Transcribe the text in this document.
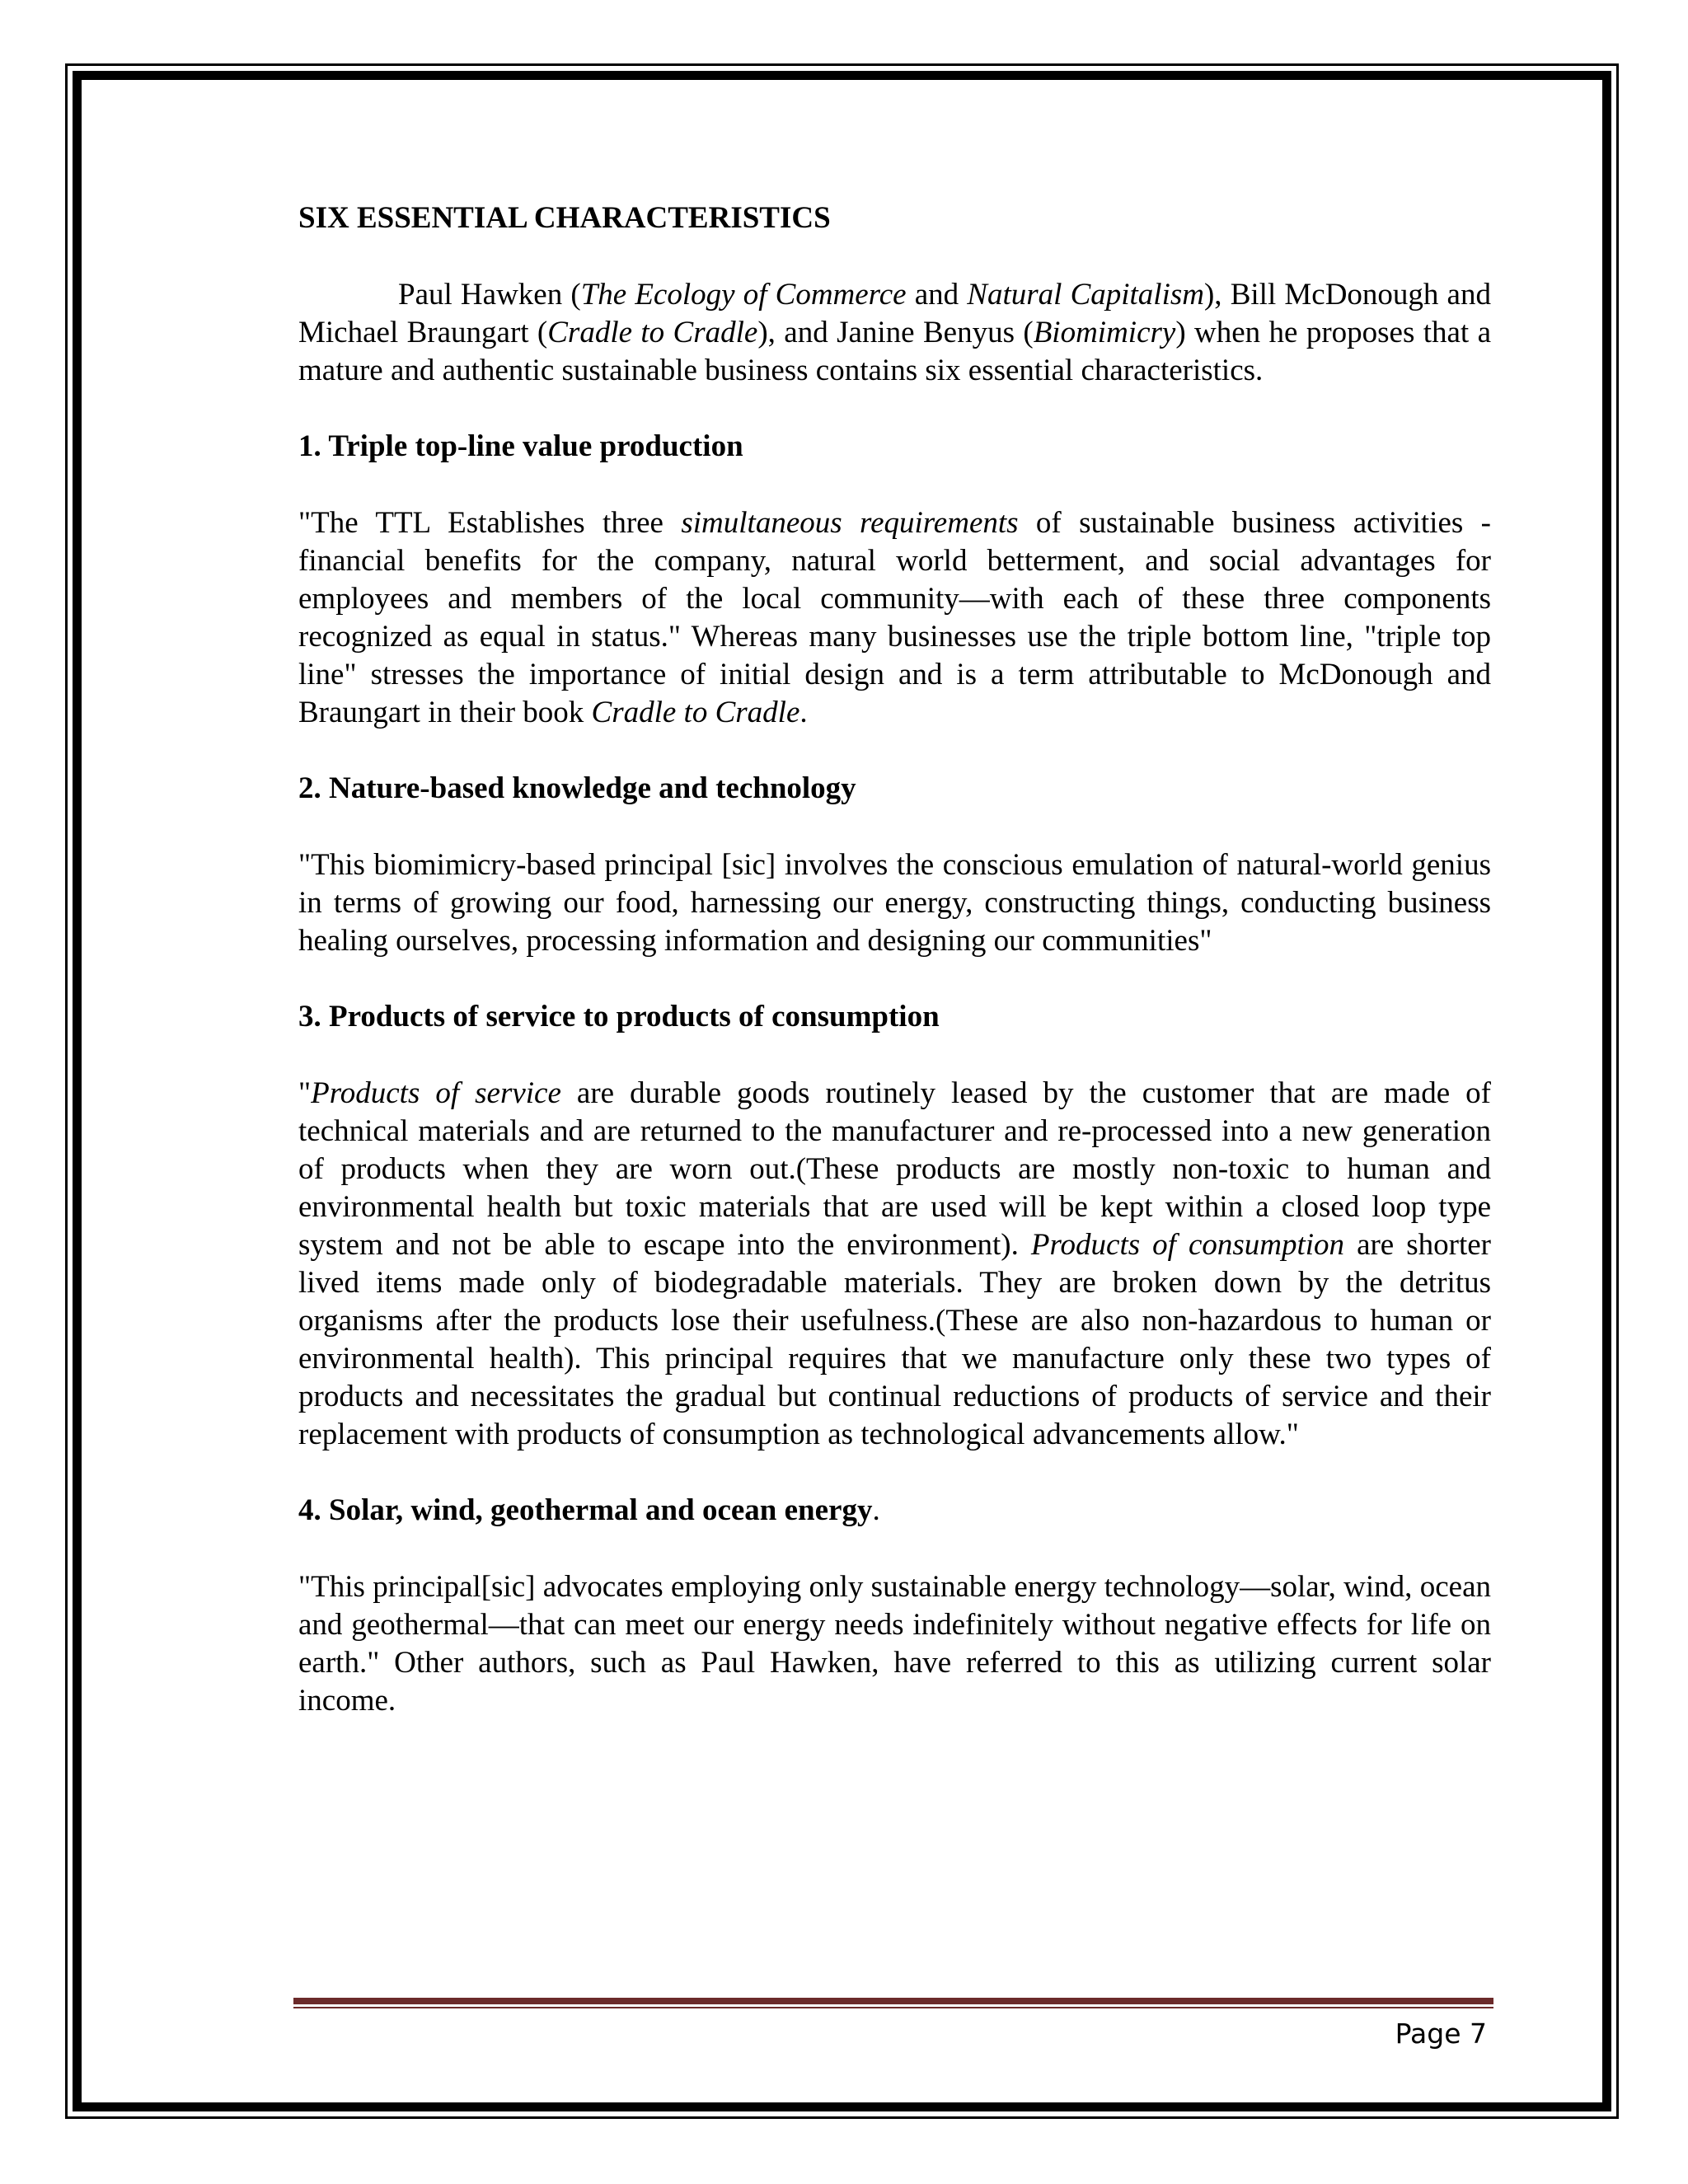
SIX ESSENTIAL CHARACTERISTICS

Paul Hawken (The Ecology of Commerce and Natural Capitalism), Bill McDonough and Michael Braungart (Cradle to Cradle), and Janine Benyus (Biomimicry) when he proposes that a mature and authentic sustainable business contains six essential characteristics.

1. Triple top-line value production

"The TTL Establishes three simultaneous requirements of sustainable business activities - financial benefits for the company, natural world betterment, and social advantages for employees and members of the local community—with each of these three components recognized as equal in status." Whereas many businesses use the triple bottom line, "triple top line" stresses the importance of initial design and is a term attributable to McDonough and Braungart in their book Cradle to Cradle.

2. Nature-based knowledge and technology

"This biomimicry-based principal [sic] involves the conscious emulation of natural-world genius in terms of growing our food, harnessing our energy, constructing things, conducting business healing ourselves, processing information and designing our communities"

3. Products of service to products of consumption

"Products of service are durable goods routinely leased by the customer that are made of technical materials and are returned to the manufacturer and re-processed into a new generation of products when they are worn out.(These products are mostly non-toxic to human and environmental health but toxic materials that are used will be kept within a closed loop type system and not be able to escape into the environment). Products of consumption are shorter lived items made only of biodegradable materials. They are broken down by the detritus organisms after the products lose their usefulness.(These are also non-hazardous to human or environmental health). This principal requires that we manufacture only these two types of products and necessitates the gradual but continual reductions of products of service and their replacement with products of consumption as technological advancements allow."

4. Solar, wind, geothermal and ocean energy.

"This principal[sic] advocates employing only sustainable energy technology—solar, wind, ocean and geothermal—that can meet our energy needs indefinitely without negative effects for life on earth." Other authors, such as Paul Hawken, have referred to this as utilizing current solar income.

Page 7
